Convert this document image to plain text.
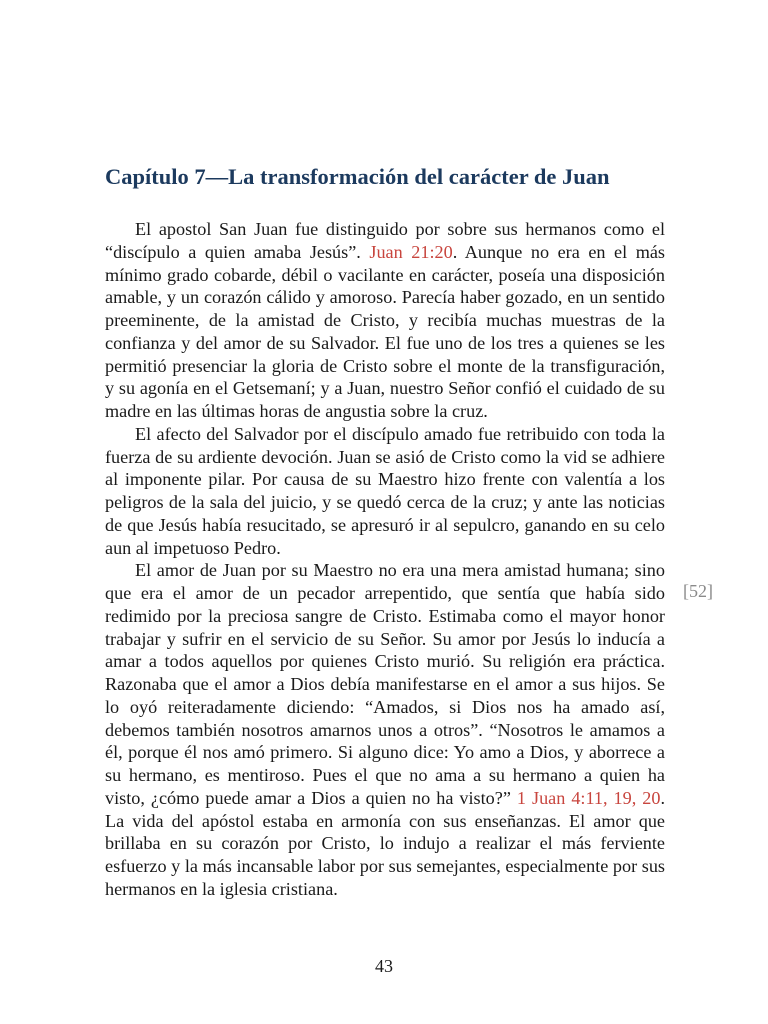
Capítulo 7—La transformación del carácter de Juan

El apostol San Juan fue distinguido por sobre sus hermanos como el “discípulo a quien amaba Jesús”. Juan 21:20. Aunque no era en el más mínimo grado cobarde, débil o vacilante en carácter, poseía una disposición amable, y un corazón cálido y amoroso. Parecía haber gozado, en un sentido preeminente, de la amistad de Cristo, y recibía muchas muestras de la confianza y del amor de su Salvador. El fue uno de los tres a quienes se les permitió presenciar la gloria de Cristo sobre el monte de la transfiguración, y su agonía en el Getsemaní; y a Juan, nuestro Señor confió el cuidado de su madre en las últimas horas de angustia sobre la cruz.

El afecto del Salvador por el discípulo amado fue retribuido con toda la fuerza de su ardiente devoción. Juan se asió de Cristo como la vid se adhiere al imponente pilar. Por causa de su Maestro hizo frente con valentía a los peligros de la sala del juicio, y se quedó cerca de la cruz; y ante las noticias de que Jesús había resucitado, se apresuró ir al sepulcro, ganando en su celo aun al impetuoso Pedro.

El amor de Juan por su Maestro no era una mera amistad humana; sino que era el amor de un pecador arrepentido, que sentía que había sido redimido por la preciosa sangre de Cristo. Estimaba como el mayor honor trabajar y sufrir en el servicio de su Señor. Su amor por Jesús lo inducía a amar a todos aquellos por quienes Cristo murió. Su religión era práctica. Razonaba que el amor a Dios debía manifestarse en el amor a sus hijos. Se lo oyó reiteradamente diciendo: “Amados, si Dios nos ha amado así, debemos también nosotros amarnos unos a otros”. “Nosotros le amamos a él, porque él nos amó primero. Si alguno dice: Yo amo a Dios, y aborrece a su hermano, es mentiroso. Pues el que no ama a su hermano a quien ha visto, ¿cómo puede amar a Dios a quien no ha visto?” 1 Juan 4:11, 19, 20. La vida del apóstol estaba en armonía con sus enseñanzas. El amor que brillaba en su corazón por Cristo, lo indujo a realizar el más ferviente esfuerzo y la más incansable labor por sus semejantes, especialmente por sus hermanos en la iglesia cristiana.

[52]
43
